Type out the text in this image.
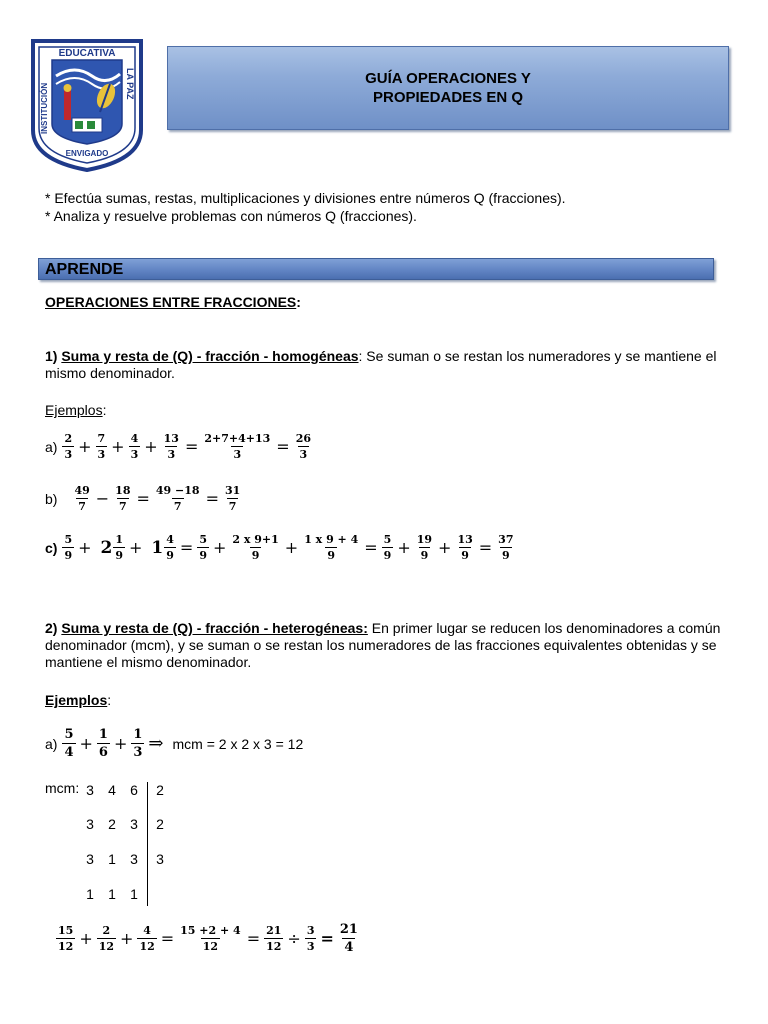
EDUCATIVA
ENVIGADO
INSTITUCIÓN	LA PAZ	GUÍA OPERACIONES Y
PROPIEDADES EN Q
* Efectúa sumas, restas, multiplicaciones y divisiones entre números Q (fracciones).
* Analiza y resuelve problemas con números Q (fracciones).
APRENDE
OPERACIONES ENTRE FRACCIONES:
1) Suma y resta de (Q) - fracción - homogéneas: Se suman o se restan los numeradores y se mantiene el mismo denominador.
Ejemplos:
$a) \frac{2}{3} + \frac{7}{3} + \frac{4}{3} + \frac{13}{3} = \frac{2+7+4+13}{3} = \frac{26}{3}$
$b) \frac{49}{7} - \frac{18}{7} = \frac{49 -18}{7} = \frac{31}{7}$
$c) \frac{5}{9} + 2 \frac{1}{9} + 1 \frac{4}{9} = \frac{5}{9} + \frac{2 x 9+1}{9} + \frac{1 x 9 + 4}{9} = \frac{5}{9} + \frac{19}{9} + \frac{13}{9} = \frac{37}{9}$
2) Suma y resta de (Q) - fracción - heterogéneas: En primer lugar se reducen los denominadores a común denominador (mcm), y se suman o se restan los numeradores de las fracciones equivalentes obtenidas y se mantiene el mismo denominador.
Ejemplos:
$a) \frac{5}{4} + \frac{1}{6} + \frac{1}{3}$ ⇒ mcm = 2 x 2 x 3 = 12
mcm: 3	4	6	2
3	2	3	2
3	1	3	3
1	1	1
$\frac{15}{12} + \frac{2}{12} + \frac{4}{12} = \frac{15 +2 + 4}{12} = \frac{21}{12} \div \frac{3}{3} = \frac{21}{4}$
